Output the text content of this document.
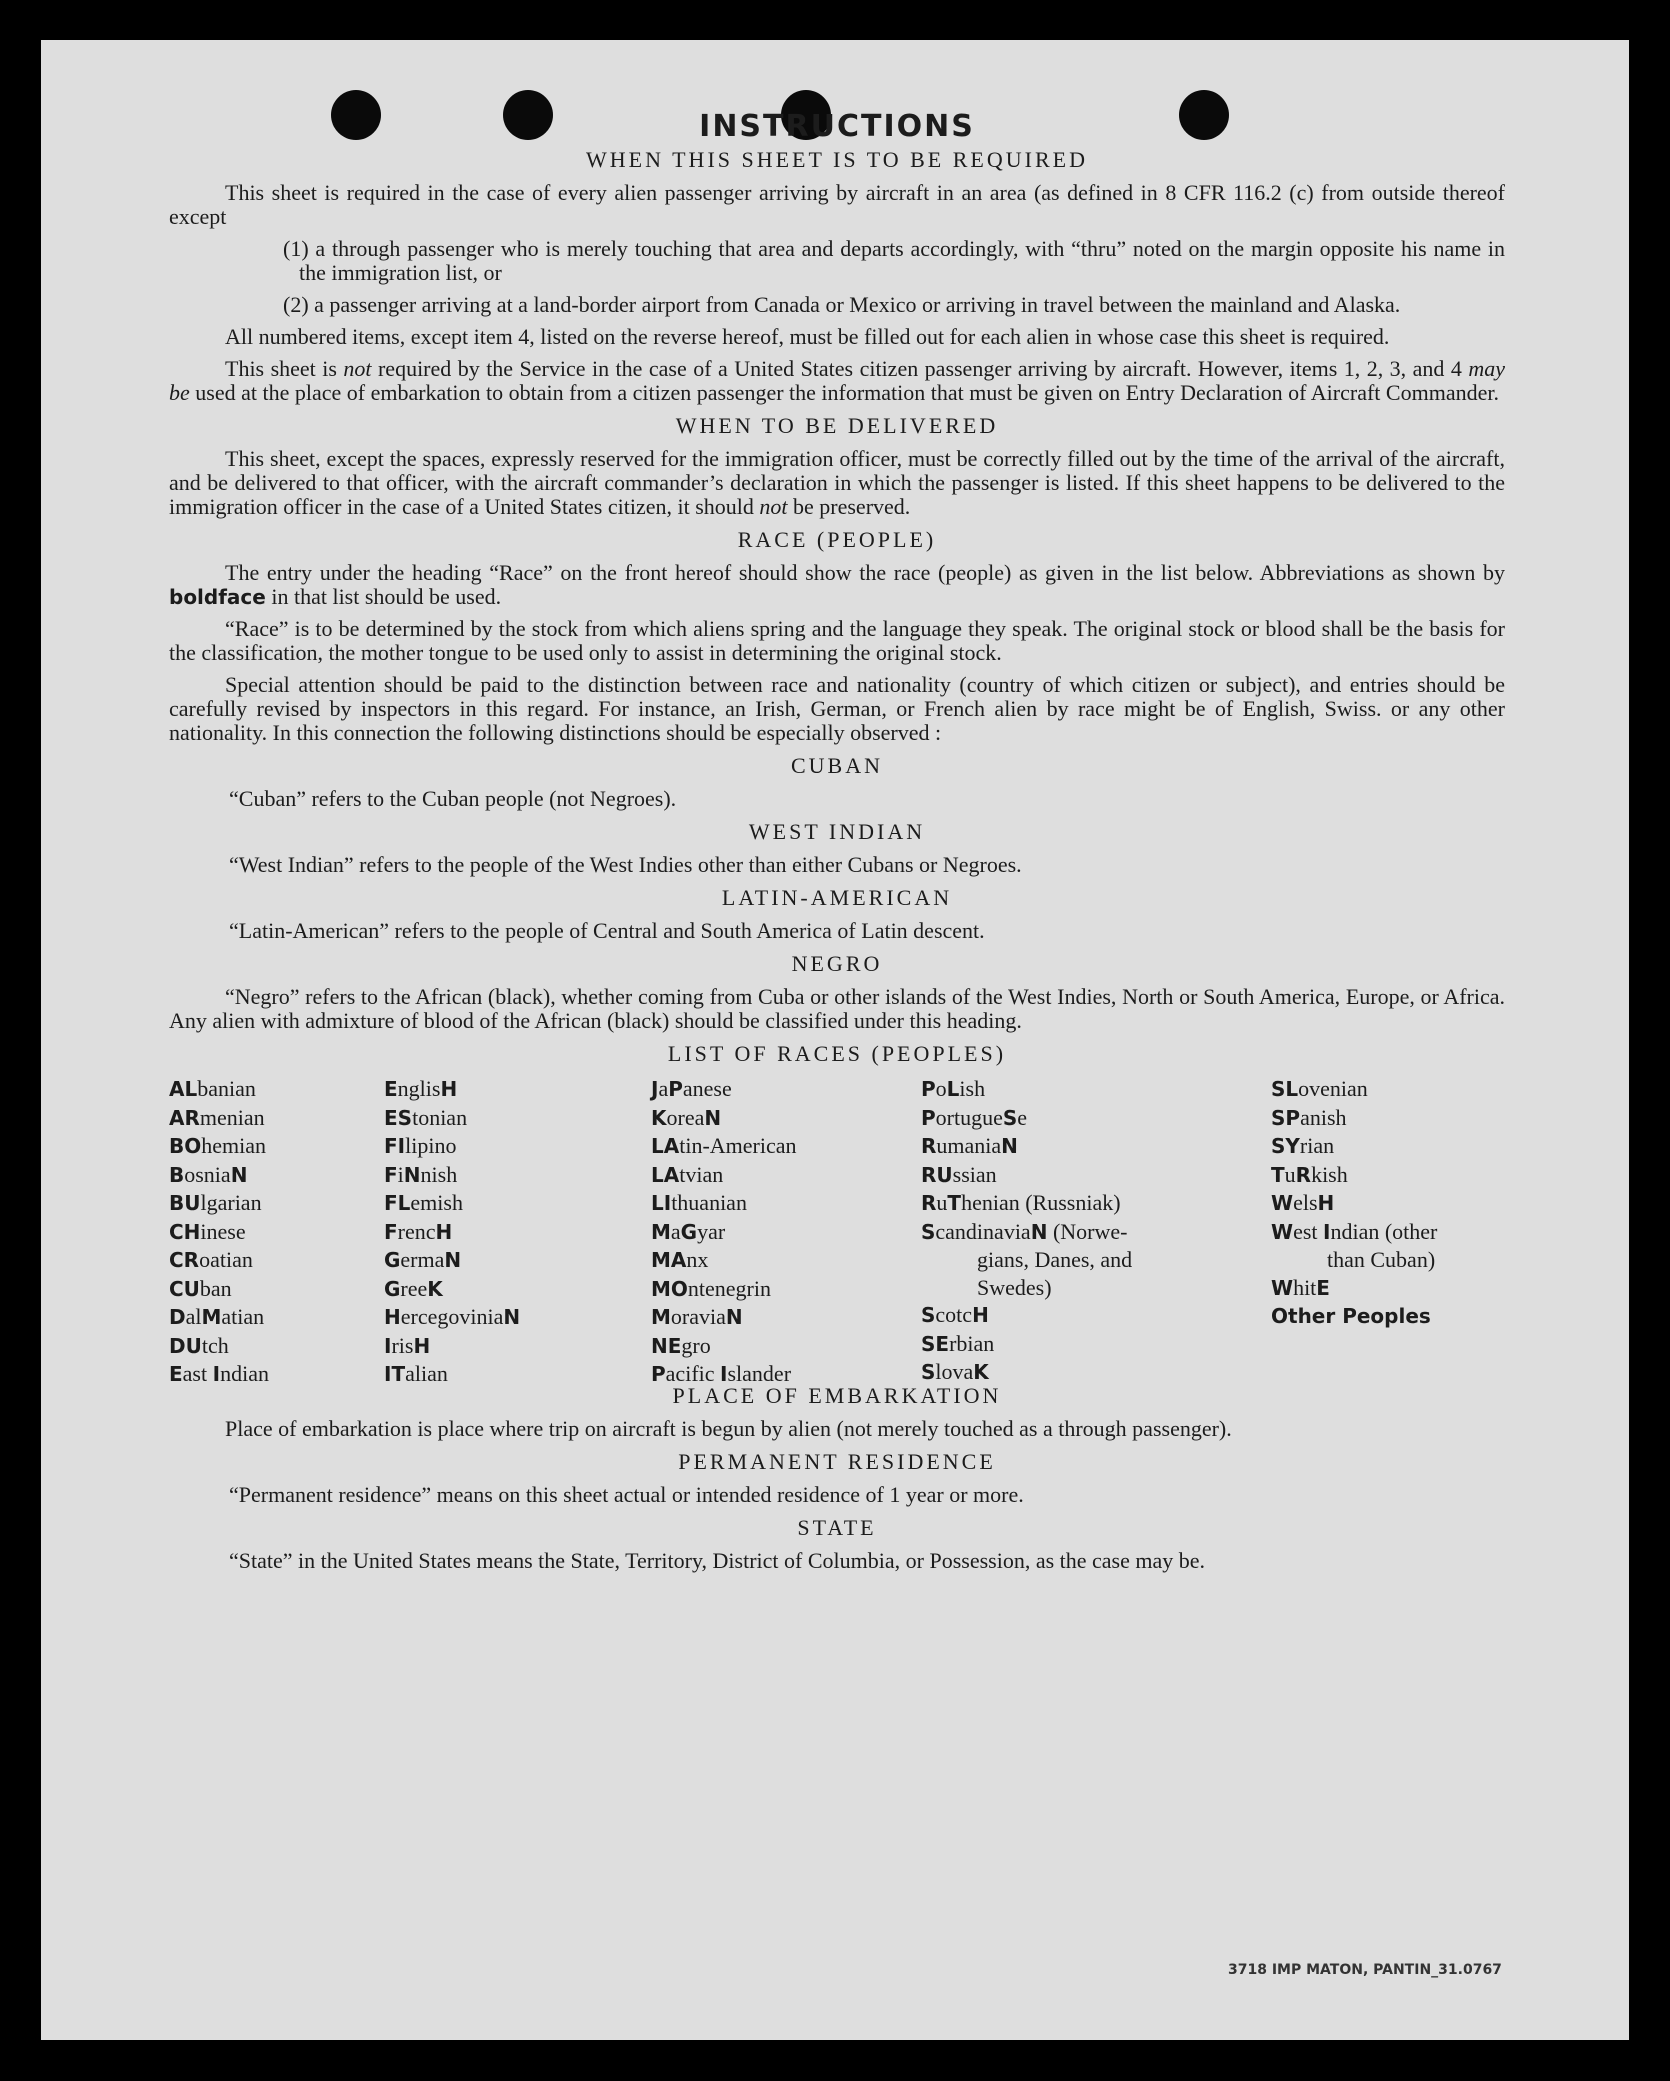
INSTRUCTIONS
WHEN THIS SHEET IS TO BE REQUIRED

This sheet is required in the case of every alien passenger arriving by aircraft in an area (as defined in 8 CFR 116.2 (c) from outside thereof except

(1) a through passenger who is merely touching that area and departs accordingly, with “thru” noted on the margin opposite his name in the immigration list, or

(2) a passenger arriving at a land-border airport from Canada or Mexico or arriving in travel between the mainland and Alaska.

All numbered items, except item 4, listed on the reverse hereof, must be filled out for each alien in whose case this sheet is required.

This sheet is not required by the Service in the case of a United States citizen passenger arriving by aircraft. However, items 1, 2, 3, and 4 may be used at the place of embarkation to obtain from a citizen passenger the information that must be given on Entry Declaration of Aircraft Commander.

WHEN TO BE DELIVERED

This sheet, except the spaces, expressly reserved for the immigration officer, must be correctly filled out by the time of the arrival of the aircraft, and be delivered to that officer, with the aircraft commander’s declaration in which the passenger is listed. If this sheet happens to be delivered to the immigration officer in the case of a United States citizen, it should not be preserved.

RACE (PEOPLE)

The entry under the heading “Race” on the front hereof should show the race (people) as given in the list below. Abbreviations as shown by boldface in that list should be used.

“Race” is to be determined by the stock from which aliens spring and the language they speak. The original stock or blood shall be the basis for the classification, the mother tongue to be used only to assist in determining the original stock.

Special attention should be paid to the distinction between race and nationality (country of which citizen or subject), and entries should be carefully revised by inspectors in this regard. For instance, an Irish, German, or French alien by race might be of English, Swiss. or any other nationality. In this connection the following distinctions should be especially observed :

CUBAN

“Cuban” refers to the Cuban people (not Negroes).

WEST INDIAN

“West Indian” refers to the people of the West Indies other than either Cubans or Negroes.

LATIN-AMERICAN

“Latin-American” refers to the people of Central and South America of Latin descent.

NEGRO

“Negro” refers to the African (black), whether coming from Cuba or other islands of the West Indies, North or South America, Europe, or Africa. Any alien with admixture of blood of the African (black) should be classified under this heading.

LIST OF RACES (PEOPLES)
ALbanian
ARmenian
BOhemian
BosniaN
BUlgarian
CHinese
CRoatian
CUban
DalMatian
DUtch
East Indian
EnglisH
EStonian
FIlipino
FiNnish
FLemish
FrencH
GermaN
GreeK
HercegoviniaN
IrisH
ITalian
JaPanese
KoreaN
LAtin-American
LAtvian
LIthuanian
MaGyar
MAnx
MOntenegrin
MoraviaN
NEgro
Pacific Islander
PoLish
PortugueSe
RumaniaN
RUssian
RuThenian (Russniak)
ScandinaviaN (Norwe-
gians, Danes, and
Swedes)
ScotcH
SErbian
SlovaK
SLovenian
SPanish
SYrian
TuRkish
WelsH
West Indian (other
than Cuban)
WhitE
Other Peoples
PLACE OF EMBARKATION

Place of embarkation is place where trip on aircraft is begun by alien (not merely touched as a through passenger).

PERMANENT RESIDENCE

“Permanent residence” means on this sheet actual or intended residence of 1 year or more.

STATE

“State” in the United States means the State, Territory, District of Columbia, or Possession, as the case may be.

3718 IMP MATON, PANTIN_31.0767
